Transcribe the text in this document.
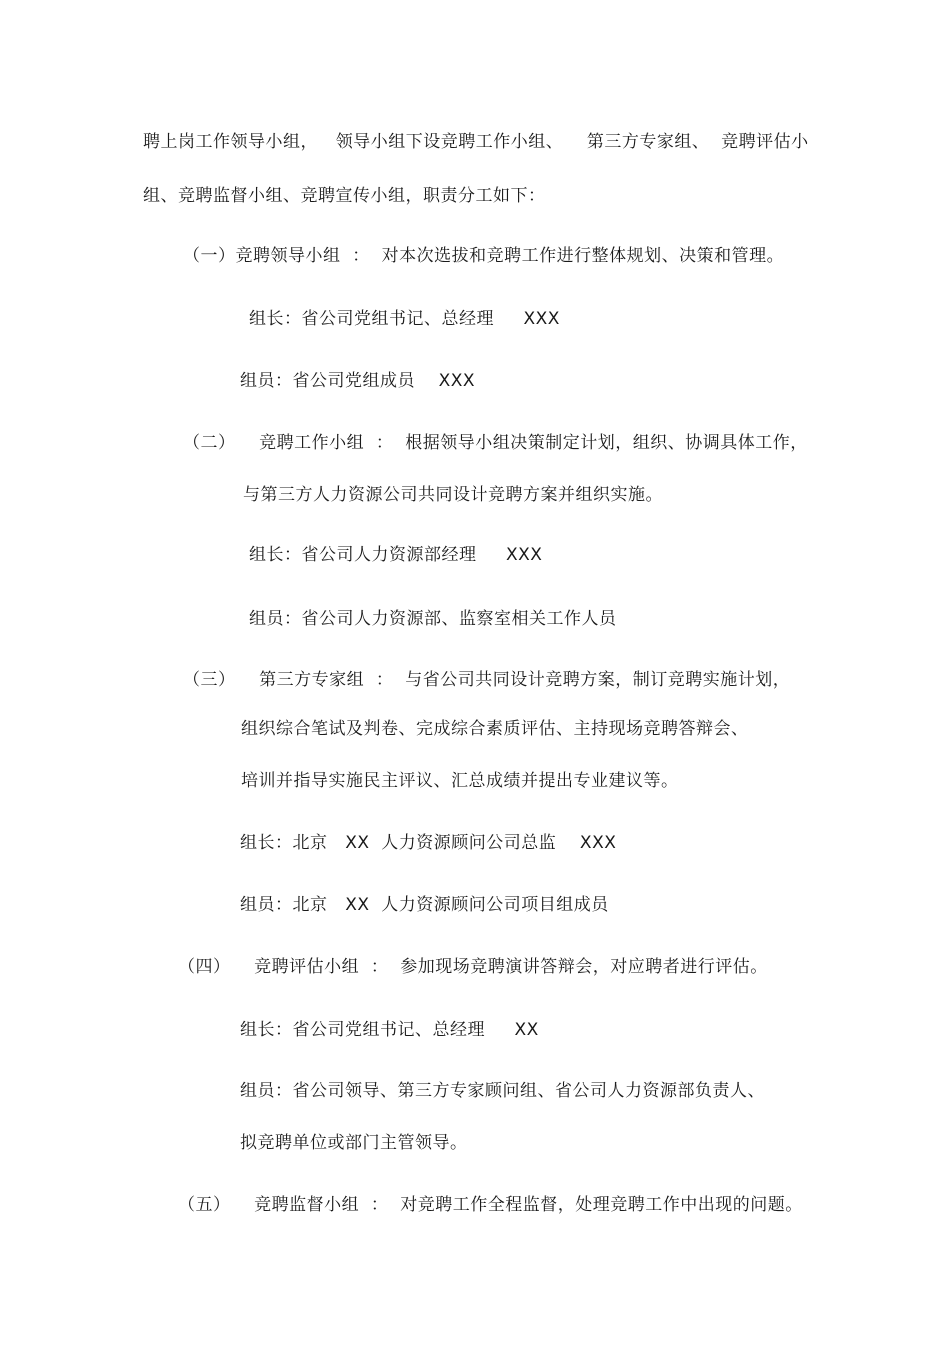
聘上岗工作领导小组，   领导小组下设竞聘工作小组、    第三方专家组、  竞聘评估小
组、竞聘监督小组、竞聘宣传小组，职责分工如下：
（一）竞聘领导小组  ：  对本次选拔和竞聘工作进行整体规划、决策和管理。
组长：省公司党组书记、总经理     XXX
组员：省公司党组成员    XXX
（二）    竞聘工作小组  ：  根据领导小组决策制定计划，组织、协调具体工作，
与第三方人力资源公司共同设计竞聘方案并组织实施。
组长：省公司人力资源部经理     XXX
组员：省公司人力资源部、监察室相关工作人员
（三）    第三方专家组  ：  与省公司共同设计竞聘方案，制订竞聘实施计划，
组织综合笔试及判卷、完成综合素质评估、主持现场竞聘答辩会、
培训并指导实施民主评议、汇总成绩并提出专业建议等。
组长：北京   XX  人力资源顾问公司总监    XXX
组员：北京   XX  人力资源顾问公司项目组成员
（四）    竞聘评估小组  ：  参加现场竞聘演讲答辩会，对应聘者进行评估。
组长：省公司党组书记、总经理     XX
组员：省公司领导、第三方专家顾问组、省公司人力资源部负责人、
拟竞聘单位或部门主管领导。
（五）    竞聘监督小组  ：  对竞聘工作全程监督，处理竞聘工作中出现的问题。
